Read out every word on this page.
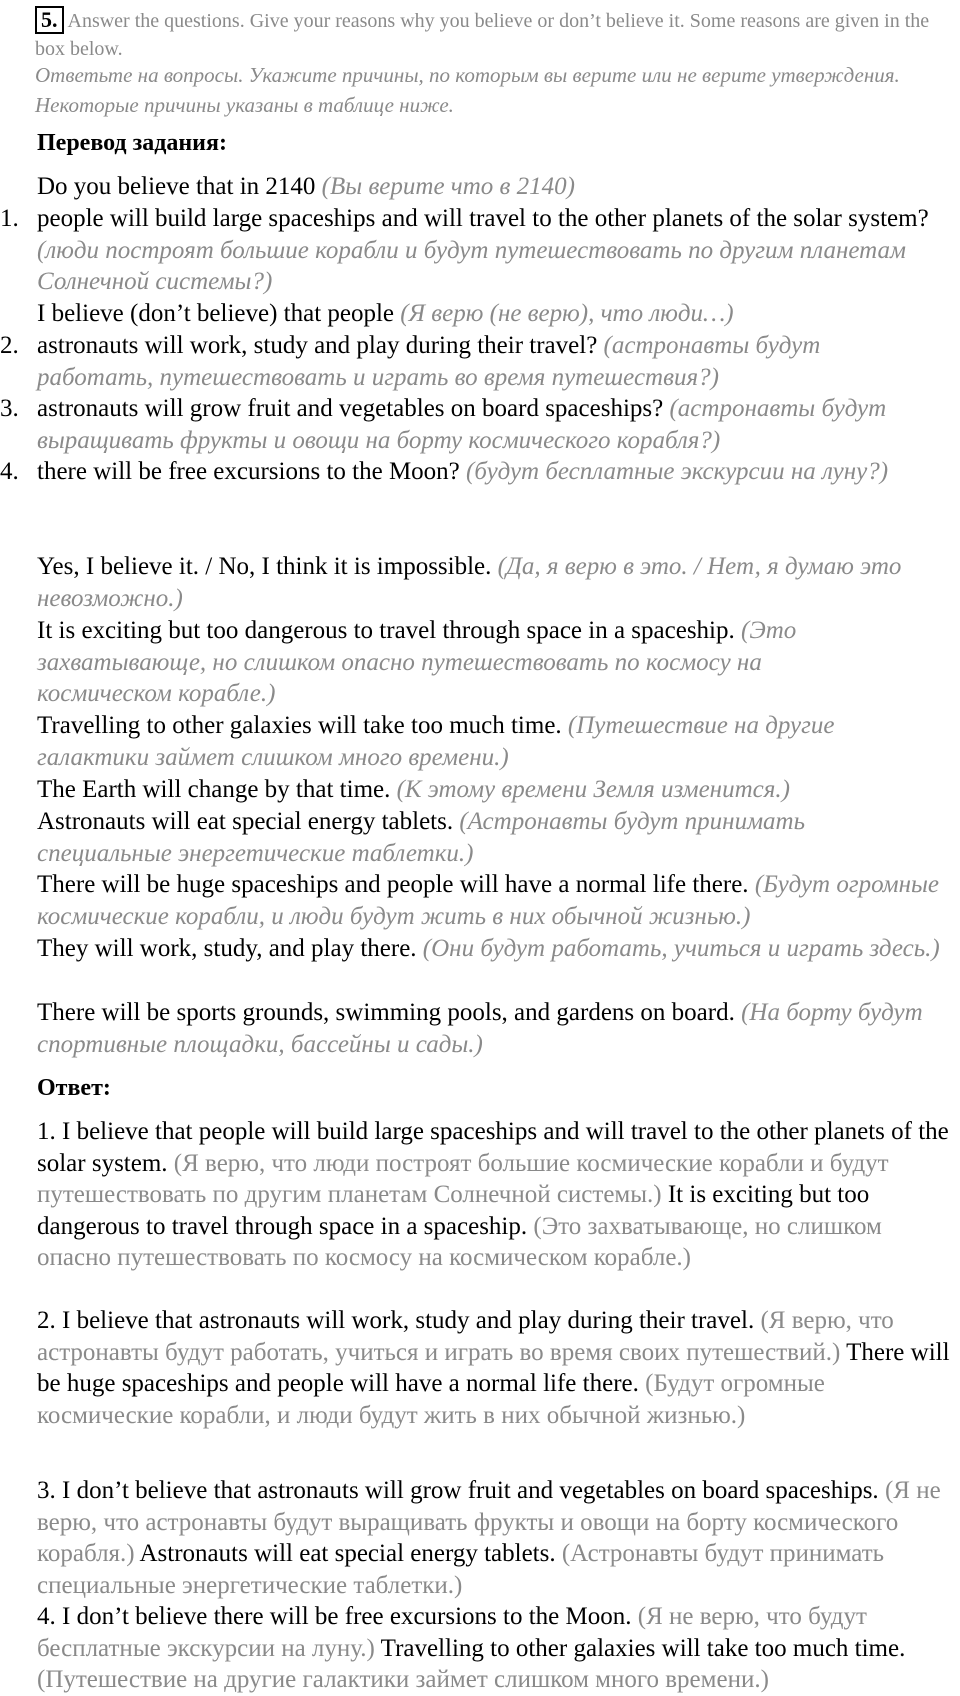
5. Answer the questions. Give your reasons why you believe or don’t believe it. Some reasons are given in the box below.
Ответьте на вопросы. Укажите причины, по которым вы верите или не верите утверждения. Некоторые причины указаны в таблице ниже.
Перевод задания:
Do you believe that in 2140 (Вы верите что в 2140)
1. people will build large spaceships and will travel to the other planets of the solar system? (люди построят большие корабли и будут путешествовать по другим планетам Солнечной системы?)
I believe (don’t believe) that people (Я верю (не верю), что люди…)
2. astronauts will work, study and play during their travel? (астронавты будут работать, путешествовать и играть во время путешествия?)
3. astronauts will grow fruit and vegetables on board spaceships? (астронавты будут выращивать фрукты и овощи на борту космического корабля?)
4. there will be free excursions to the Moon? (будут бесплатные экскурсии на луну?)
Yes, I believe it. / No, I think it is impossible. (Да, я верю в это. / Нет, я думаю это невозможно.)
It is exciting but too dangerous to travel through space in a spaceship. (Это захватывающе, но слишком опасно путешествовать по космосу на космическом корабле.)
Travelling to other galaxies will take too much time. (Путешествие на другие галактики займет слишком много времени.)
The Earth will change by that time. (К этому времени Земля изменится.)
Astronauts will eat special energy tablets. (Астронавты будут принимать специальные энергетические таблетки.)
There will be huge spaceships and people will have a normal life there. (Будут огромные космические корабли, и люди будут жить в них обычной жизнью.)
They will work, study, and play there. (Они будут работать, учиться и играть здесь.)
There will be sports grounds, swimming pools, and gardens on board. (На борту будут спортивные площадки, бассейны и сады.)
Ответ:
1. I believe that people will build large spaceships and will travel to the other planets of the solar system. (Я верю, что люди построят большие космические корабли и будут путешествовать по другим планетам Солнечной системы.) It is exciting but too dangerous to travel through space in a spaceship. (Это захватывающе, но слишком опасно путешествовать по космосу на космическом корабле.)
2. I believe that astronauts will work, study and play during their travel. (Я верю, что астронавты будут работать, учиться и играть во время своих путешествий.) There will be huge spaceships and people will have a normal life there. (Будут огромные космические корабли, и люди будут жить в них обычной жизнью.)
3. I don’t believe that astronauts will grow fruit and vegetables on board spaceships. (Я не верю, что астронавты будут выращивать фрукты и овощи на борту космического корабля.) Astronauts will eat special energy tablets. (Астронавты будут принимать специальные энергетические таблетки.)
4. I don’t believe there will be free excursions to the Moon. (Я не верю, что будут бесплатные экскурсии на луну.) Travelling to other galaxies will take too much time. (Путешествие на другие галактики займет слишком много времени.)
